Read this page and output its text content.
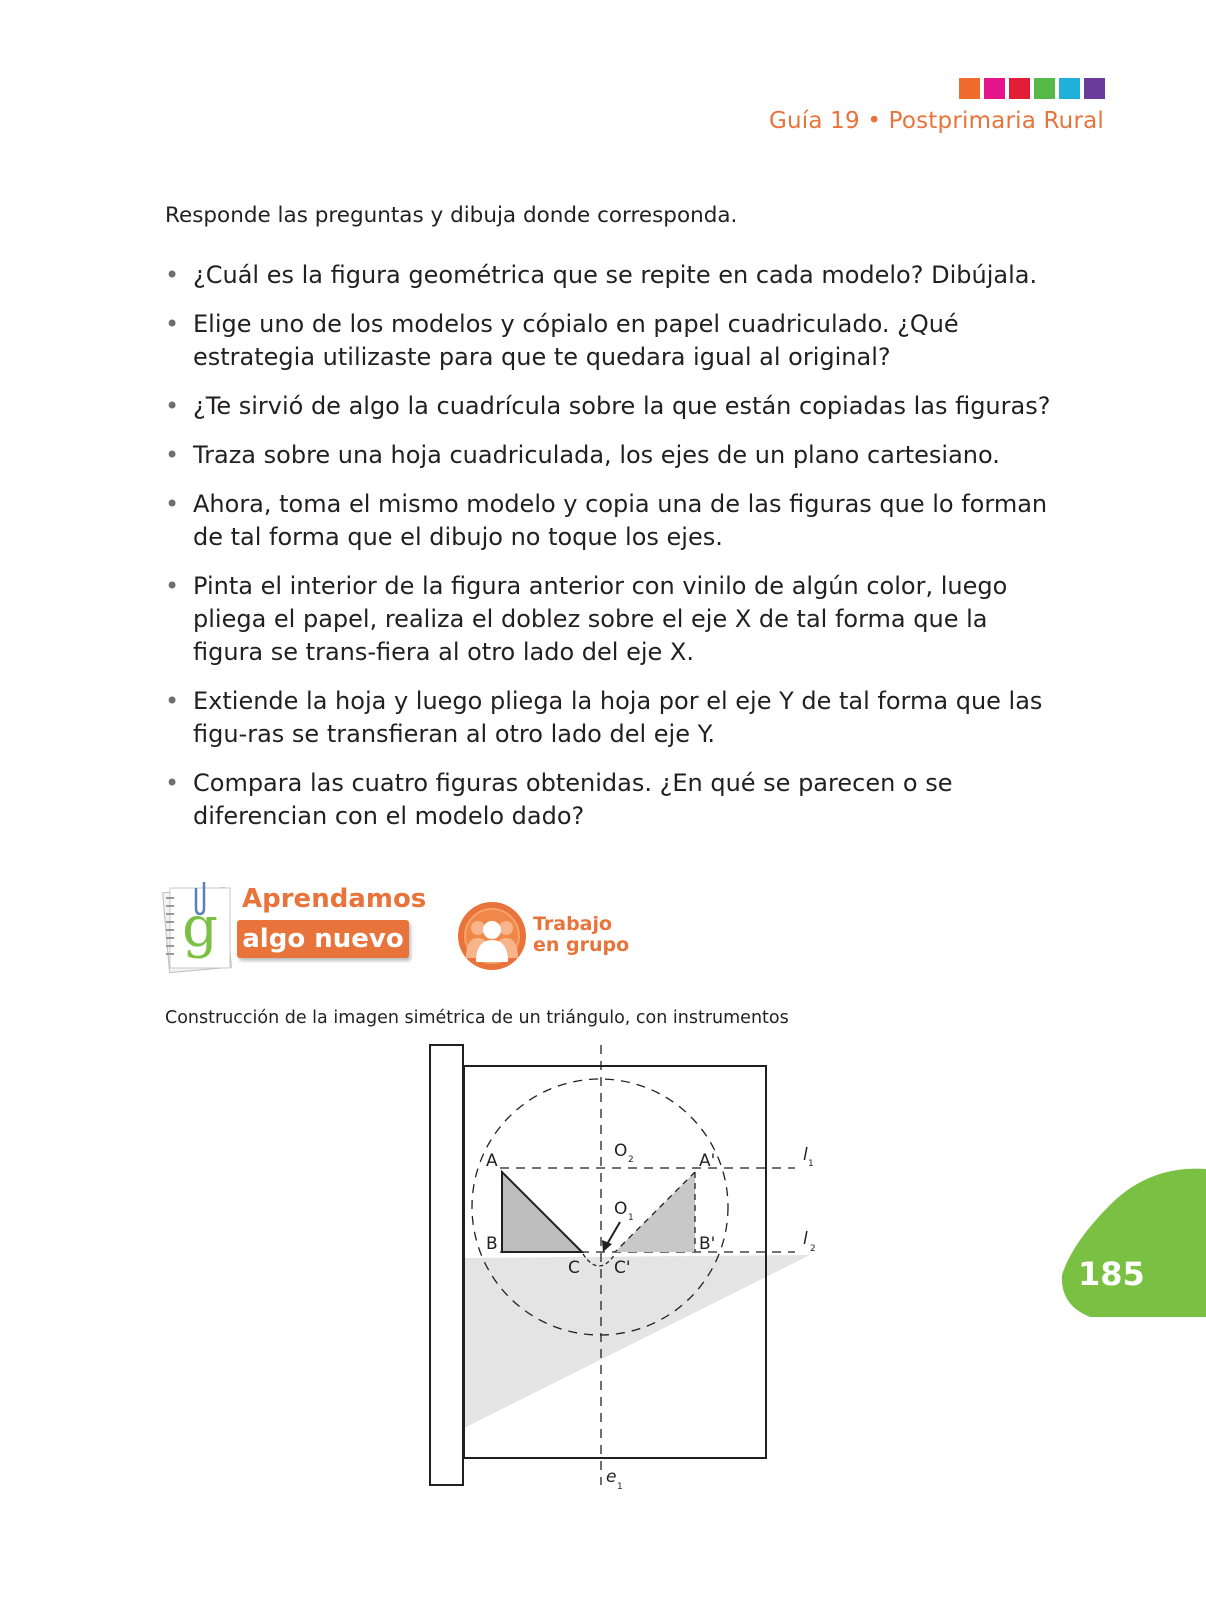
Guía 19 • Postprimaria Rural
Responde las preguntas y dibuja donde corresponda.
• ¿Cuál es la figura geométrica que se repite en cada modelo? Dibújala.
• Elige uno de los modelos y cópialo en papel cuadriculado. ¿Qué estrategia utilizaste para que te quedara igual al original?
• ¿Te sirvió de algo la cuadrícula sobre la que están copiadas las figuras?
• Traza sobre una hoja cuadriculada, los ejes de un plano cartesiano.
• Ahora, toma el mismo modelo y copia una de las figuras que lo forman de tal forma que el dibujo no toque los ejes.
• Pinta el interior de la figura anterior con vinilo de algún color, luego pliega el papel, realiza el doblez sobre el eje X de tal forma que la figura se trans-fiera al otro lado del eje X.
• Extiende la hoja y luego pliega la hoja por el eje Y de tal forma que las figu-ras se transfieran al otro lado del eje Y.
• Compara las cuatro figuras obtenidas. ¿En qué se parecen o se diferencian con el modelo dado?
g Aprendamos
algo nuevo	Trabajo
en grupo
Construcción de la imagen simétrica de un triángulo, con instrumentos
A
B
C
A'
B'
C'
O 2
O 1
l 1
l 2
e 1
185
